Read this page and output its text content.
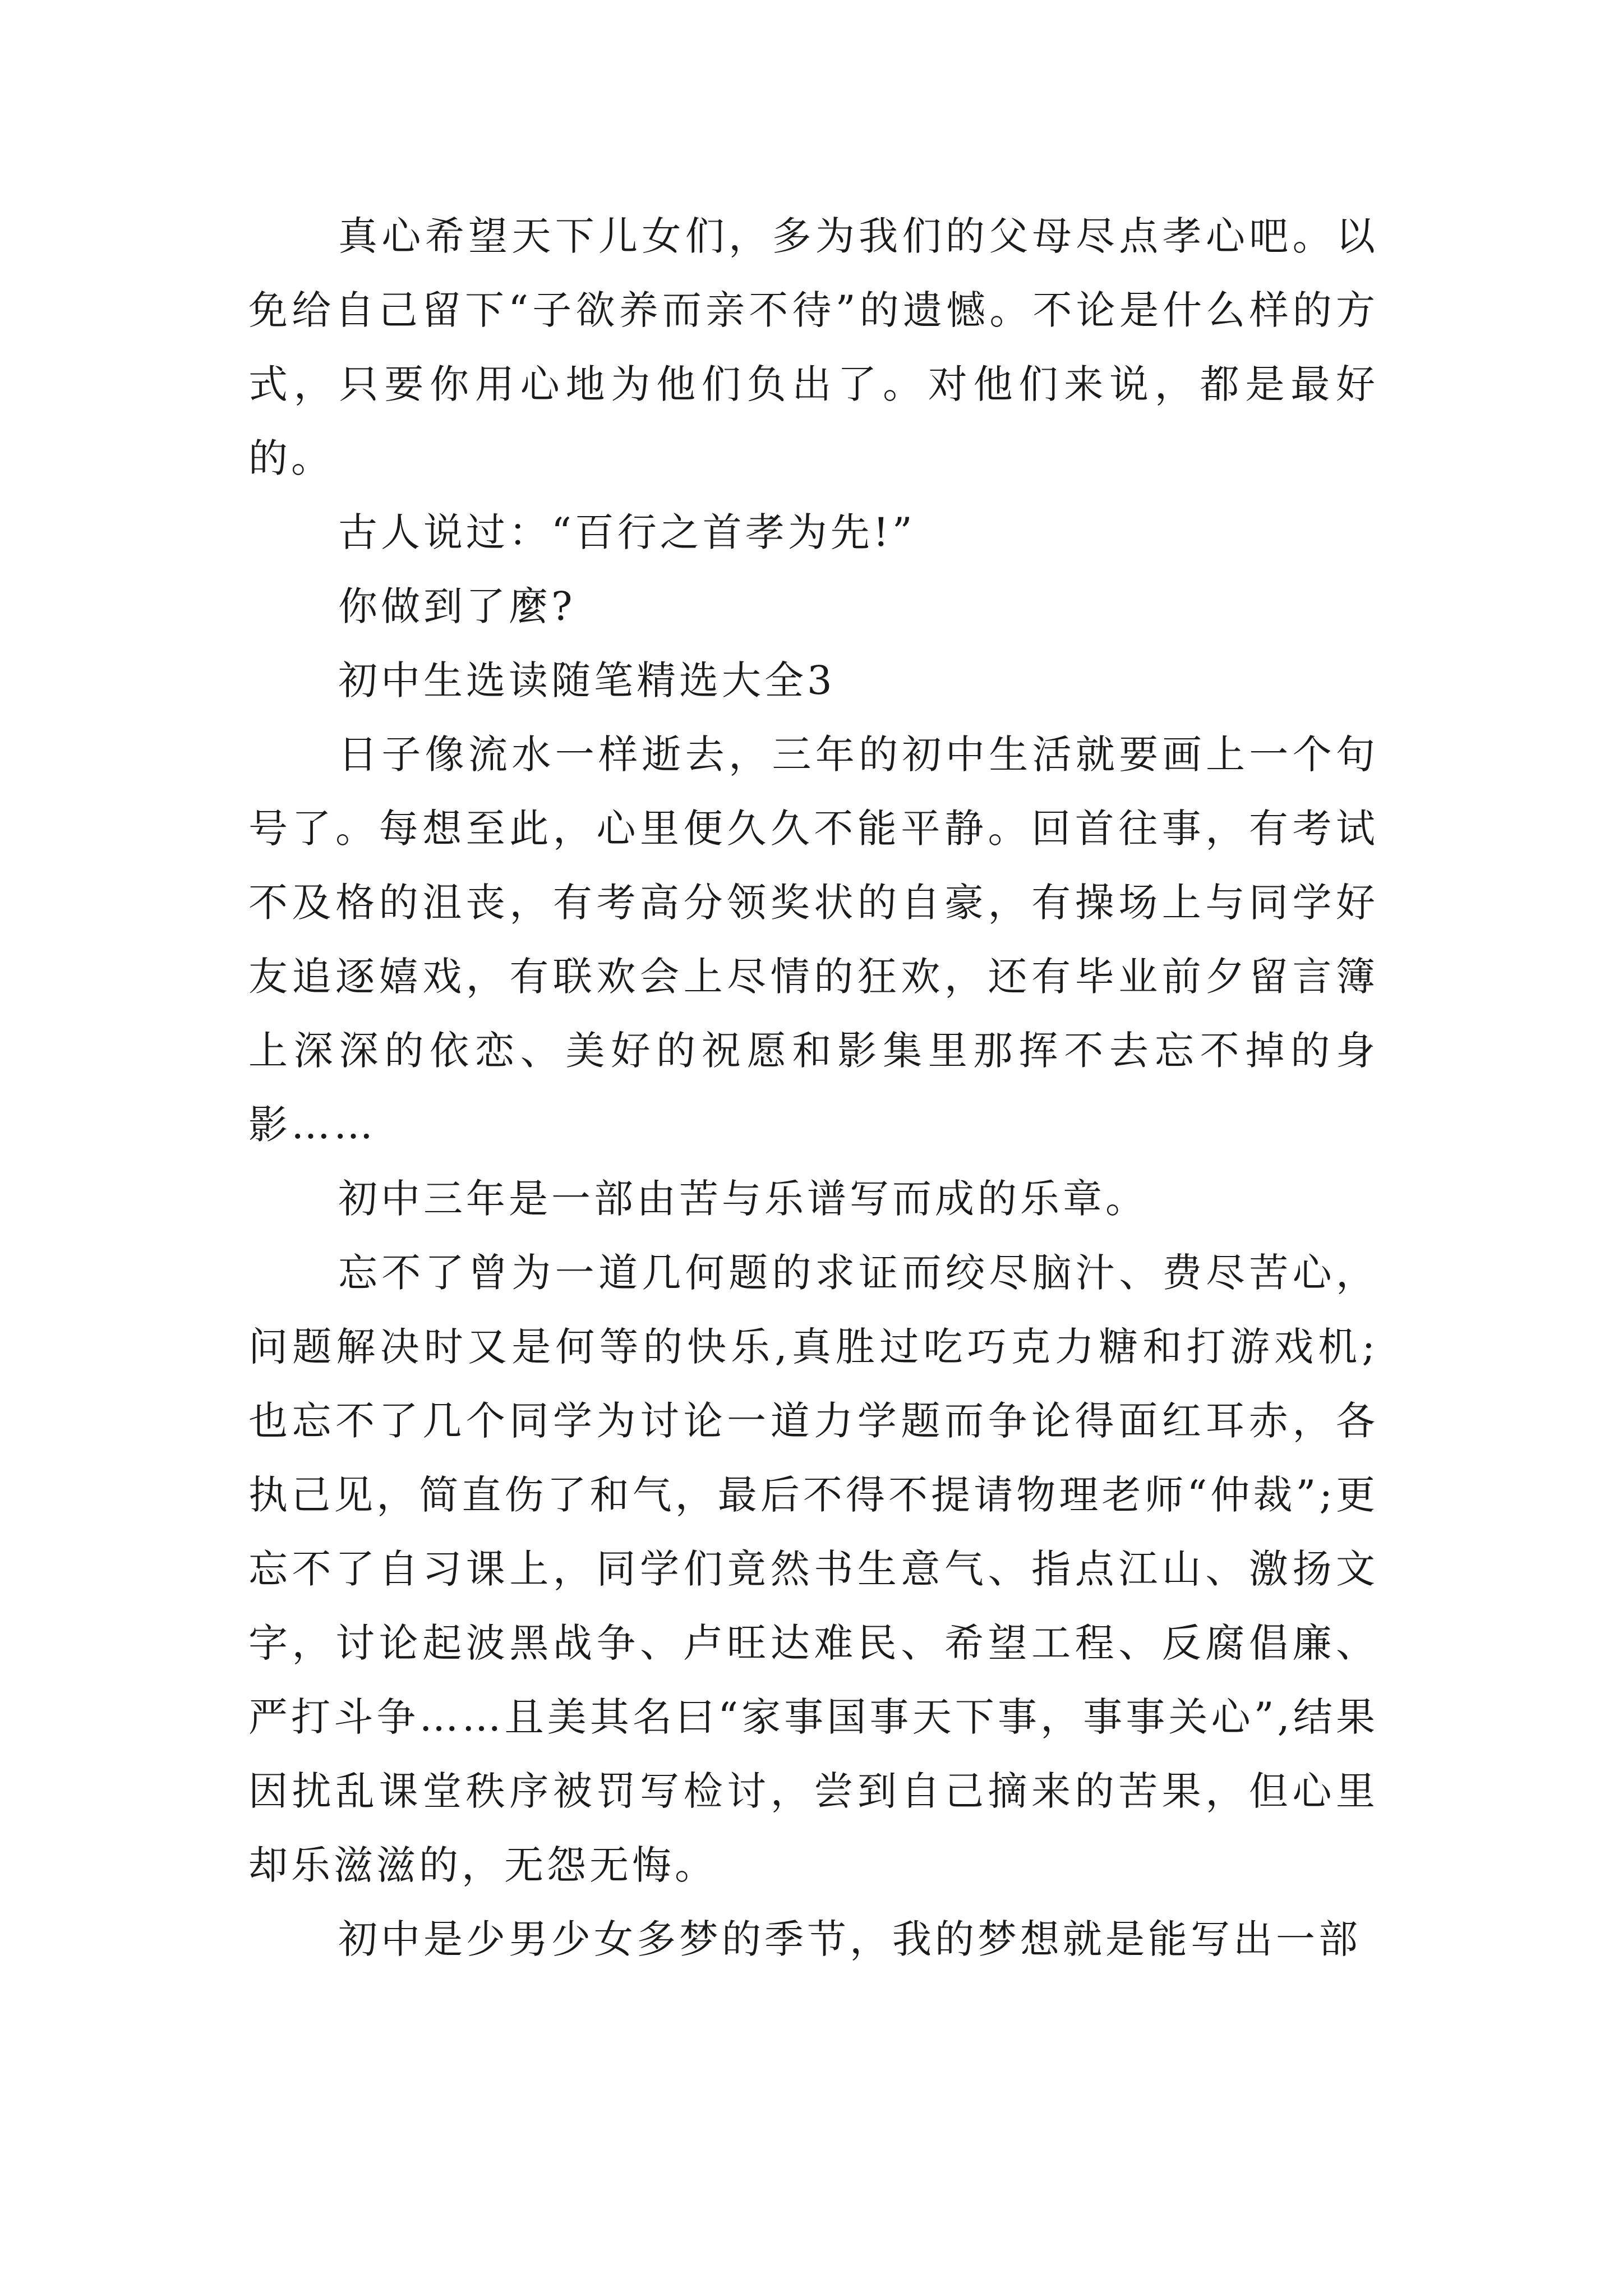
真心希望天下儿女们，多为我们的父母尽点孝心吧。以免给自己留下“子欲养而亲不待”的遗憾。不论是什么样的方式，只要你用心地为他们负出了。对他们来说，都是最好的。

古人说过：“百行之首孝为先!”

你做到了麼?

初中生选读随笔精选大全3

日子像流水一样逝去，三年的初中生活就要画上一个句号了。每想至此，心里便久久不能平静。回首往事，有考试不及格的沮丧，有考高分领奖状的自豪，有操场上与同学好友追逐嬉戏，有联欢会上尽情的狂欢，还有毕业前夕留言簿上深深的依恋、美好的祝愿和影集里那挥不去忘不掉的身影……

初中三年是一部由苦与乐谱写而成的乐章。

忘不了曾为一道几何题的求证而绞尽脑汁、费尽苦心，问题解决时又是何等的快乐,真胜过吃巧克力糖和打游戏机;也忘不了几个同学为讨论一道力学题而争论得面红耳赤，各执己见，简直伤了和气，最后不得不提请物理老师“仲裁”;更忘不了自习课上，同学们竟然书生意气、指点江山、激扬文字，讨论起波黑战争、卢旺达难民、希望工程、反腐倡廉、严打斗争……且美其名曰“家事国事天下事，事事关心”,结果因扰乱课堂秩序被罚写检讨，尝到自己摘来的苦果，但心里却乐滋滋的，无怨无悔。

初中是少男少女多梦的季节，我的梦想就是能写出一部
